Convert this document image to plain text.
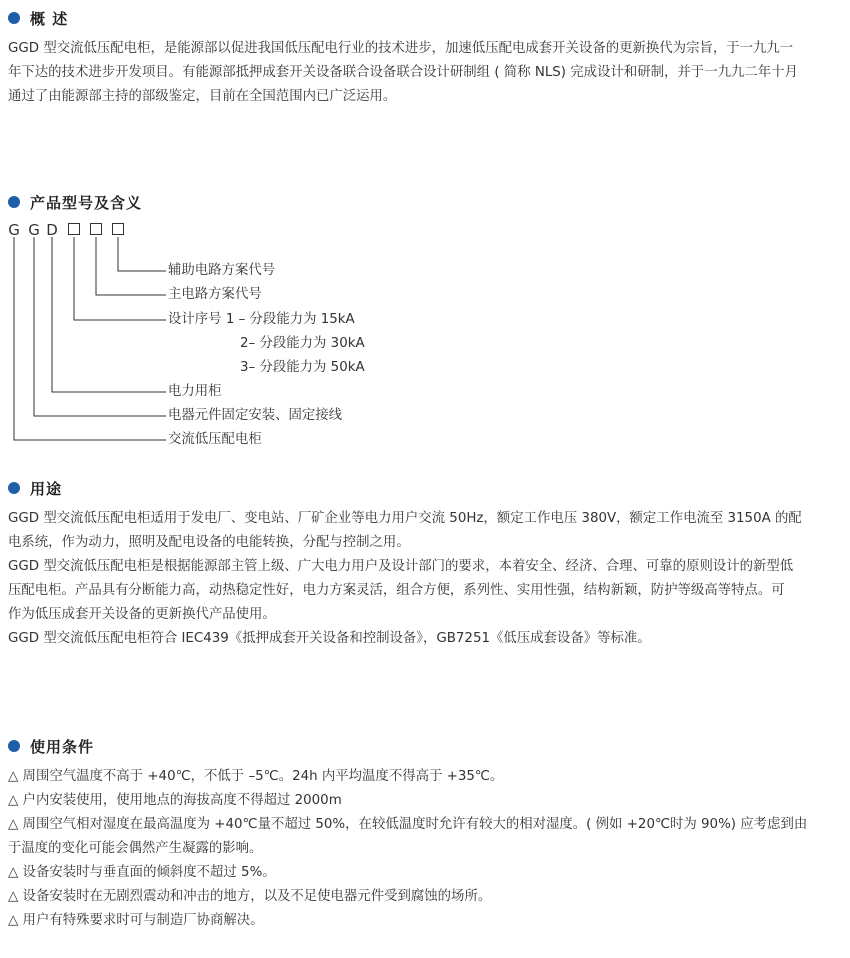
概 述
GGD 型交流低压配电柜，是能源部以促进我国低压配电行业的技术进步，加速低压配电成套开关设备的更新换代为宗旨，于一九九一
年下达的技术进步开发项目。有能源部抵押成套开关设备联合设备联合设计研制组 ( 简称 NLS) 完成设计和研制，并于一九九二年十月
通过了由能源部主持的部级鉴定，目前在全国范围内已广泛运用。
产品型号及含义
G G D
辅助电路方案代号
主电路方案代号
设计序号 1 – 分段能力为 15kA
2– 分段能力为 30kA
3– 分段能力为 50kA
电力用柜
电器元件固定安装、固定接线
交流低压配电柜
用途
GGD 型交流低压配电柜适用于发电厂、变电站、厂矿企业等电力用户交流 50Hz，额定工作电压 380V，额定工作电流至 3150A 的配
电系统，作为动力，照明及配电设备的电能转换，分配与控制之用。
GGD 型交流低压配电柜是根据能源部主管上级、广大电力用户及设计部门的要求，本着安全、经济、合理、可靠的原则设计的新型低
压配电柜。产品具有分断能力高，动热稳定性好，电力方案灵活，组合方便，系列性、实用性强，结构新颖，防护等级高等特点。可
作为低压成套开关设备的更新换代产品使用。
GGD 型交流低压配电柜符合 IEC439《抵押成套开关设备和控制设备》，GB7251《低压成套设备》等标准。
使用条件
△ 周围空气温度不高于 +40℃，不低于 –5℃。24h 内平均温度不得高于 +35℃。
△ 户内安装使用，使用地点的海拔高度不得超过 2000m
△ 周围空气相对湿度在最高温度为 +40℃量不超过 50%，在较低温度时允许有较大的相对湿度。( 例如 +20℃时为 90%) 应考虑到由
于温度的变化可能会偶然产生凝露的影响。
△ 设备安装时与垂直面的倾斜度不超过 5%。
△ 设备安装时在无剧烈震动和冲击的地方，以及不足使电器元件受到腐蚀的场所。
△ 用户有特殊要求时可与制造厂协商解决。
